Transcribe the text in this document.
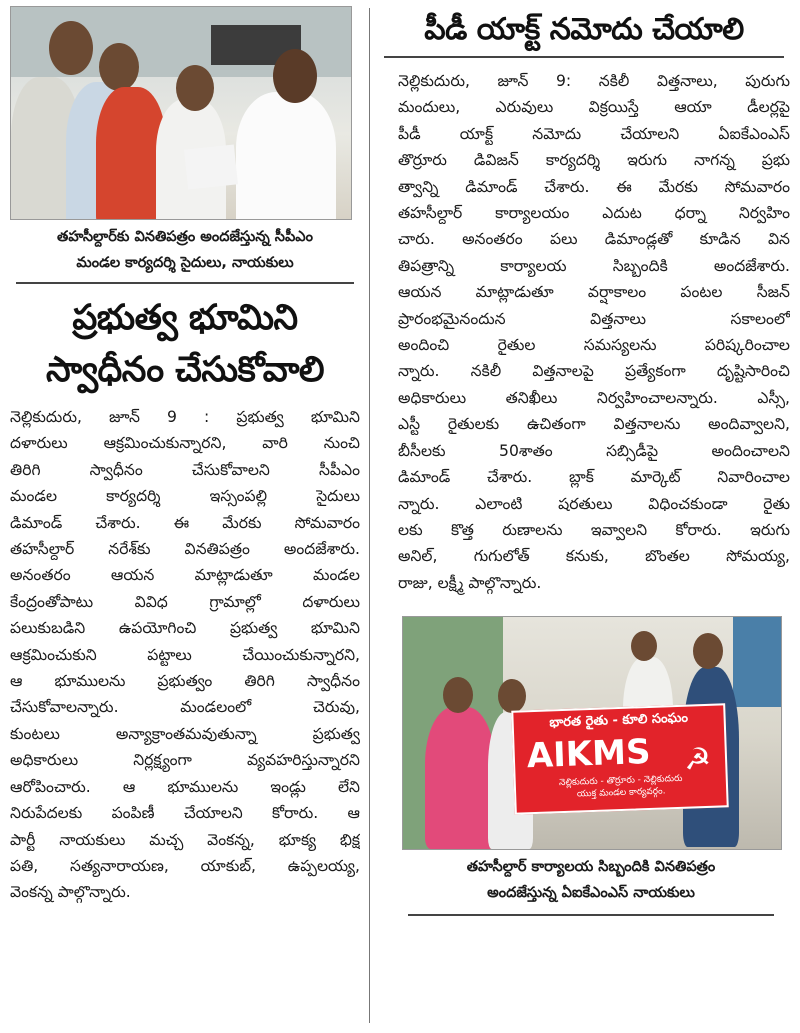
తహసీల్దార్‌కు వినతిపత్రం అందజేస్తున్న సీపీఎం
మండల కార్యదర్శి సైదులు, నాయకులు
ప్రభుత్వ భూమిని
స్వాధీనం చేసుకోవాలి
నెల్లికుదురు, జూన్ 9 : ప్రభుత్వ భూమిని
దళారులు ఆక్రమించుకున్నారని, వారి నుంచి
తిరిగి స్వాధీనం చేసుకోవాలని సీపీఎం
మండల కార్యదర్శి ఇస్సంపల్లి సైదులు
డిమాండ్ చేశారు. ఈ మేరకు సోమవారం
తహసీల్దార్ నరేశ్‌కు వినతిపత్రం అందజేశారు.
అనంతరం ఆయన మాట్లాడుతూ మండల
కేంద్రంతోపాటు వివిధ గ్రామాల్లో దళారులు
పలుకుబడిని ఉపయోగించి ప్రభుత్వ భూమిని
ఆక్రమించుకుని పట్టాలు చేయించుకున్నారని,
ఆ భూములను ప్రభుత్వం తిరిగి స్వాధీనం
చేసుకోవాలన్నారు. మండలంలో చెరువు,
కుంటలు అన్యాక్రాంతమవుతున్నా ప్రభుత్వ
అధికారులు నిర్లక్ష్యంగా వ్యవహరిస్తున్నారని
ఆరోపించారు. ఆ భూములను ఇండ్లు లేని
నిరుపేదలకు పంపిణీ చేయాలని కోరారు. ఆ
పార్టీ నాయకులు మచ్చ వెంకన్న, భూక్య భిక్ష
పతి, సత్యనారాయణ, యాకుబ్, ఉప్పలయ్య,
వెంకన్న పాల్గొన్నారు.
పీడీ యాక్ట్ నమోదు చేయాలి
నెల్లికుదురు, జూన్ 9: నకిలీ విత్తనాలు, పురుగు
మందులు, ఎరువులు విక్రయిస్తే ఆయా డీలర్లపై
పీడీ యాక్ట్ నమోదు చేయాలని ఏఐకేఎంఎస్
తొర్రూరు డివిజన్ కార్యదర్శి ఇరుగు నాగన్న ప్రభు
త్వాన్ని డిమాండ్ చేశారు. ఈ మేరకు సోమవారం
తహసీల్దార్ కార్యాలయం ఎదుట ధర్నా నిర్వహిం
చారు. అనంతరం పలు డిమాండ్లతో కూడిన విన
తిపత్రాన్ని కార్యాలయ సిబ్బందికి అందజేశారు.
ఆయన మాట్లాడుతూ వర్షాకాలం పంటల సీజన్
ప్రారంభమైనందున విత్తనాలు సకాలంలో
అందించి రైతుల సమస్యలను పరిష్కరించాల
న్నారు. నకిలీ విత్తనాలపై ప్రత్యేకంగా దృష్టిసారించి
అధికారులు తనిఖీలు నిర్వహించాలన్నారు. ఎస్సీ,
ఎస్టీ రైతులకు ఉచితంగా విత్తనాలను అందివ్వాలని,
బీసీలకు 50శాతం సబ్సిడీపై అందించాలని
డిమాండ్ చేశారు. బ్లాక్ మార్కెట్ నివారించాల
న్నారు. ఎలాంటి షరతులు విధించకుండా రైతు
లకు కొత్త రుణాలను ఇవ్వాలని కోరారు. ఇరుగు
అనిల్, గుగులోత్ కనుకు, బొంతల సోమయ్య,
రాజు, లక్ష్మీ పాల్గొన్నారు.
భారత రైతు - కూలి సంఘం
AIKMS
నెల్లికుదురు - తొర్రూరు - నెల్లికుదురు
యుక్త మండల కార్యవర్గం.
☭
తహసీల్దార్ కార్యాలయ సిబ్బందికి వినతిపత్రం
అందజేస్తున్న ఏఐకేఎంఎస్ నాయకులు
